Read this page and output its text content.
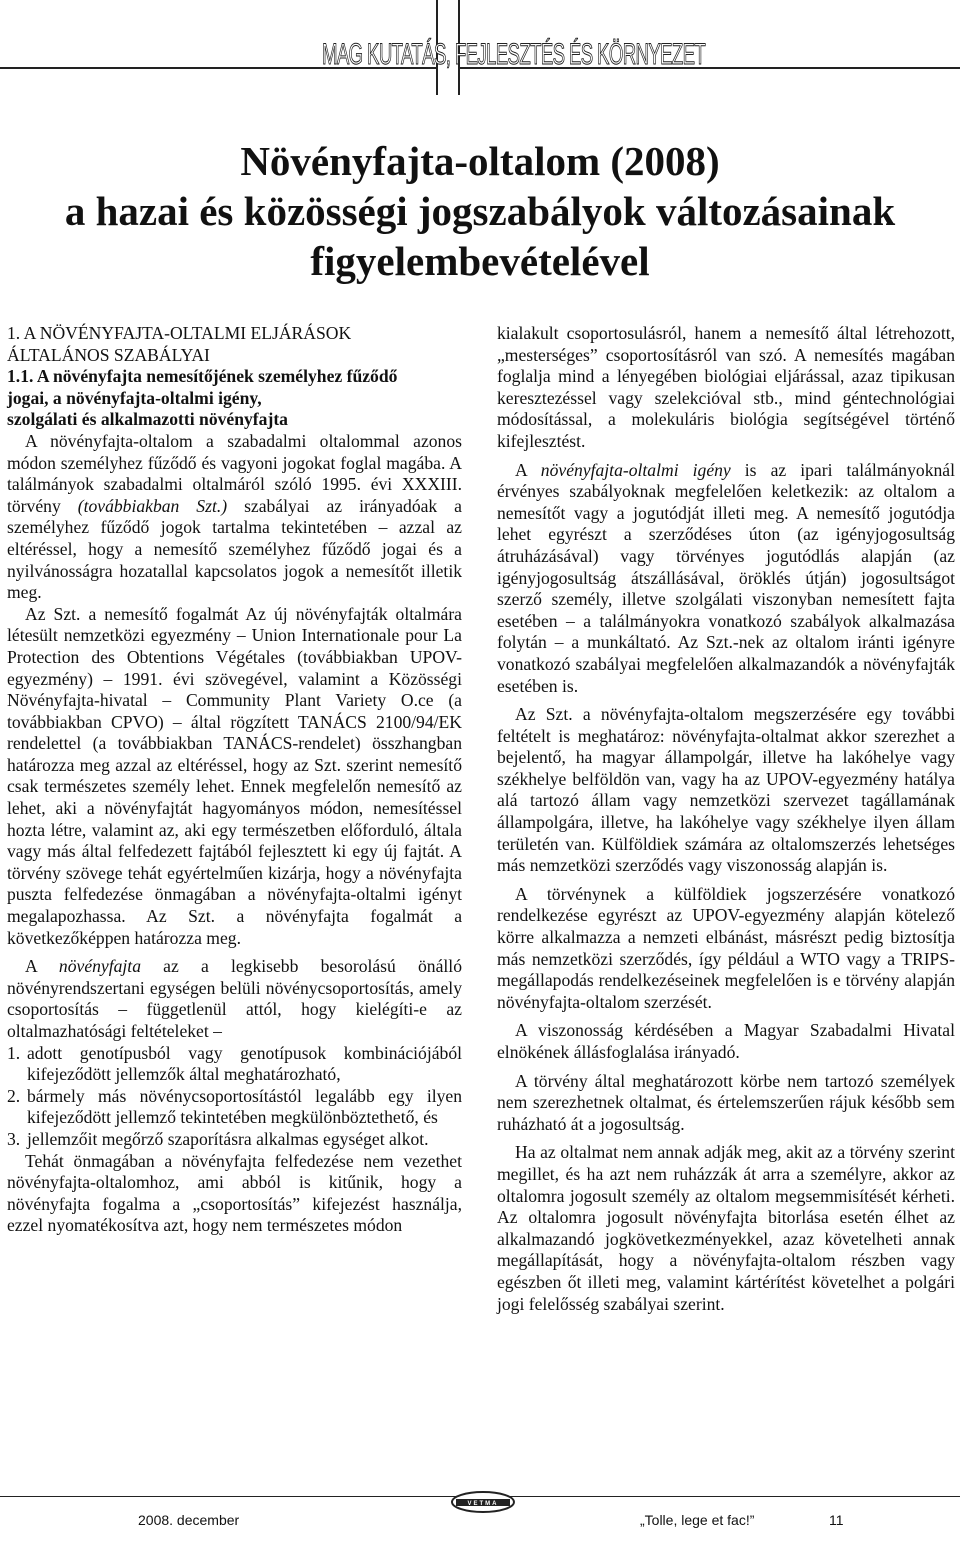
MAG KUTATÁS, FEJLESZTÉS ÉS KÖRNYEZET
Növényfajta-oltalom (2008)
a hazai és közösségi jogszabályok változásainak
figyelembevételével

1. A NÖVÉNYFAJTA-OLTALMI ELJÁRÁSOK

ÁLTALÁNOS SZABÁLYAI

1.1. A növényfajta nemesítőjének személyhez fűződő

jogai, a növényfajta-oltalmi igény,

szolgálati és alkalmazotti növényfajta

A növényfajta-oltalom a szabadalmi oltalommal azonos módon személyhez fűződő és vagyoni jogokat foglal magába. A találmányok szabadalmi oltalmáról szóló 1995. évi XXXIII. törvény (továbbiakban Szt.) szabályai az irányadóak a személyhez fűződő jogok tartalma tekintetében – azzal az eltéréssel, hogy a nemesítő személyhez fűződő jogai és a nyilvánosságra hozatallal kapcsolatos jogok a nemesítőt illetik meg.

Az Szt. a nemesítő fogalmát Az új növényfajták oltalmára létesült nemzetközi egyezmény – Union Internationale pour La Protection des Obtentions Végétales (továbbiakban UPOV-egyezmény) – 1991. évi szövegével, valamint a Közösségi Növényfajta-hivatal – Community Plant Variety O.ce (a továbbiakban CPVO) – által rögzített TANÁCS 2100/94/EK rendelettel (a továbbiakban TANÁCS-rendelet) összhangban határozza meg azzal az eltéréssel, hogy az Szt. szerint nemesítő csak természetes személy lehet. Ennek megfelelőn nemesítő az lehet, aki a növényfajtát hagyományos módon, nemesítéssel hozta létre, valamint az, aki egy természetben előforduló, általa vagy más által felfedezett fajtából fejlesztett ki egy új fajtát. A törvény szövege tehát egyértelműen kizárja, hogy a növényfajta puszta felfedezése önmagában a növényfajta-oltalmi igényt megalapozhassa. Az Szt. a növényfajta fogalmát a következőképpen határozza meg.

A növényfajta az a legkisebb besorolású önálló növényrendszertani egységen belüli növénycsoportosítás, amely csoportosítás – függetlenül attól, hogy kielégíti-e az oltalmazhatósági feltételeket –

1. adott genotípusból vagy genotípusok kombinációjából kifejeződött jellemzők által meghatározható,
2. bármely más növénycsoportosítástól legalább egy ilyen kifejeződött jellemző tekintetében megkülönböztethető, és
3. jellemzőit megőrző szaporításra alkalmas egységet alkot.

Tehát önmagában a növényfajta felfedezése nem vezethet növényfajta-oltalomhoz, ami abból is kitűnik, hogy a növényfajta fogalma a „csoportosítás” kifejezést használja, ezzel nyomatékosítva azt, hogy nem természetes módon

kialakult csoportosulásról, hanem a nemesítő által létrehozott, „mesterséges” csoportosításról van szó. A nemesítés magában foglalja mind a lényegében biológiai eljárással, azaz tipikusan keresztezéssel vagy szelekcióval stb., mind géntechnológiai módosítással, a molekuláris biológia segítségével történő kifejlesztést.

A növényfajta-oltalmi igény is az ipari találmányoknál érvényes szabályoknak megfelelően keletkezik: az oltalom a nemesítőt vagy a jogutódját illeti meg. A nemesítő jogutódja lehet egyrészt a szerződéses úton (az igényjogosultság átruházásával) vagy törvényes jogutódlás alapján (az igényjogosultság átszállásával, öröklés útján) jogosultságot szerző személy, illetve szolgálati viszonyban nemesített fajta esetében – a találmányokra vonatkozó szabályok alkalmazása folytán – a munkáltató. Az Szt.-nek az oltalom iránti igényre vonatkozó szabályai megfelelően alkalmazandók a növényfajták esetében is.

Az Szt. a növényfajta-oltalom megszerzésére egy további feltételt is meghatároz: növényfajta-oltalmat akkor szerezhet a bejelentő, ha magyar állampolgár, illetve ha lakóhelye vagy székhelye belföldön van, vagy ha az UPOV-egyezmény hatálya alá tartozó állam vagy nemzetközi szervezet tagállamának állampolgára, illetve, ha lakóhelye vagy székhelye ilyen állam területén van. Külföldiek számára az oltalomszerzés lehetséges más nemzetközi szerződés vagy viszonosság alapján is.

A törvénynek a külföldiek jogszerzésére vonatkozó rendelkezése egyrészt az UPOV-egyezmény alapján kötelező körre alkalmazza a nemzeti elbánást, másrészt pedig biztosítja más nemzetközi szerződés, így például a WTO vagy a TRIPS-megállapodás rendelkezéseinek megfelelően is e törvény alapján növényfajta-oltalom szerzését.

A viszonosság kérdésében a Magyar Szabadalmi Hivatal elnökének állásfoglalása irányadó.

A törvény által meghatározott körbe nem tartozó személyek nem szerezhetnek oltalmat, és értelemszerűen rájuk később sem ruházható át a jogosultság.

Ha az oltalmat nem annak adják meg, akit az a törvény szerint megillet, és ha azt nem ruházzák át arra a személyre, akkor az oltalomra jogosult személy az oltalom megsemmisítését kérheti. Az oltalomra jogosult növényfajta bitorlása esetén élhet az alkalmazandó jogkövetkezményekkel, azaz követelheti annak megállapítását, hogy a növényfajta-oltalom részben vagy egészben őt illeti meg, valamint kártérítést követelhet a polgári jogi felelősség szabályai szerint.

2008. december
VETMA
„Tolle, lege et fac!”	11
